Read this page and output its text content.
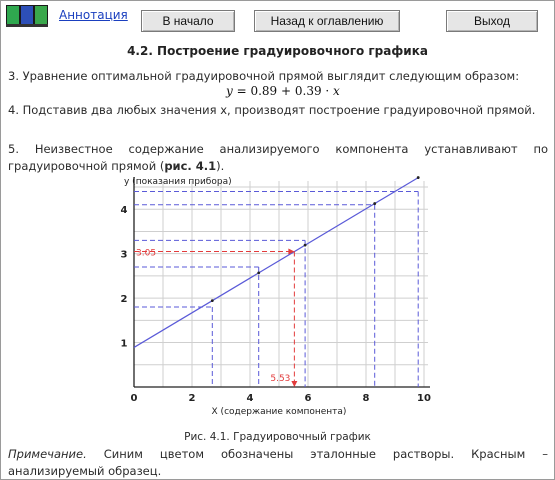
Аннотация	В начало	Назад к оглавлению	Выход
4.2. Построение градуировочного графика
3. Уравнение оптимальной градуировочной прямой выглядит следующим образом:
y = 0.89 + 0.39 · x
4. Подставив два любых значения x, производят построение градуировочной прямой.
5. Неизвестное содержание анализируемого компонента устанавливают по градуировочной прямой (рис. 4.1).
0	2	4	6	8	10
1
2
3
4
y (показания прибора)
X (содержание компонента)
3.05
5.53
Рис. 4.1. Градуировочный график
Примечание. Синим цветом обозначены эталонные растворы. Красным – анализируемый образец.
